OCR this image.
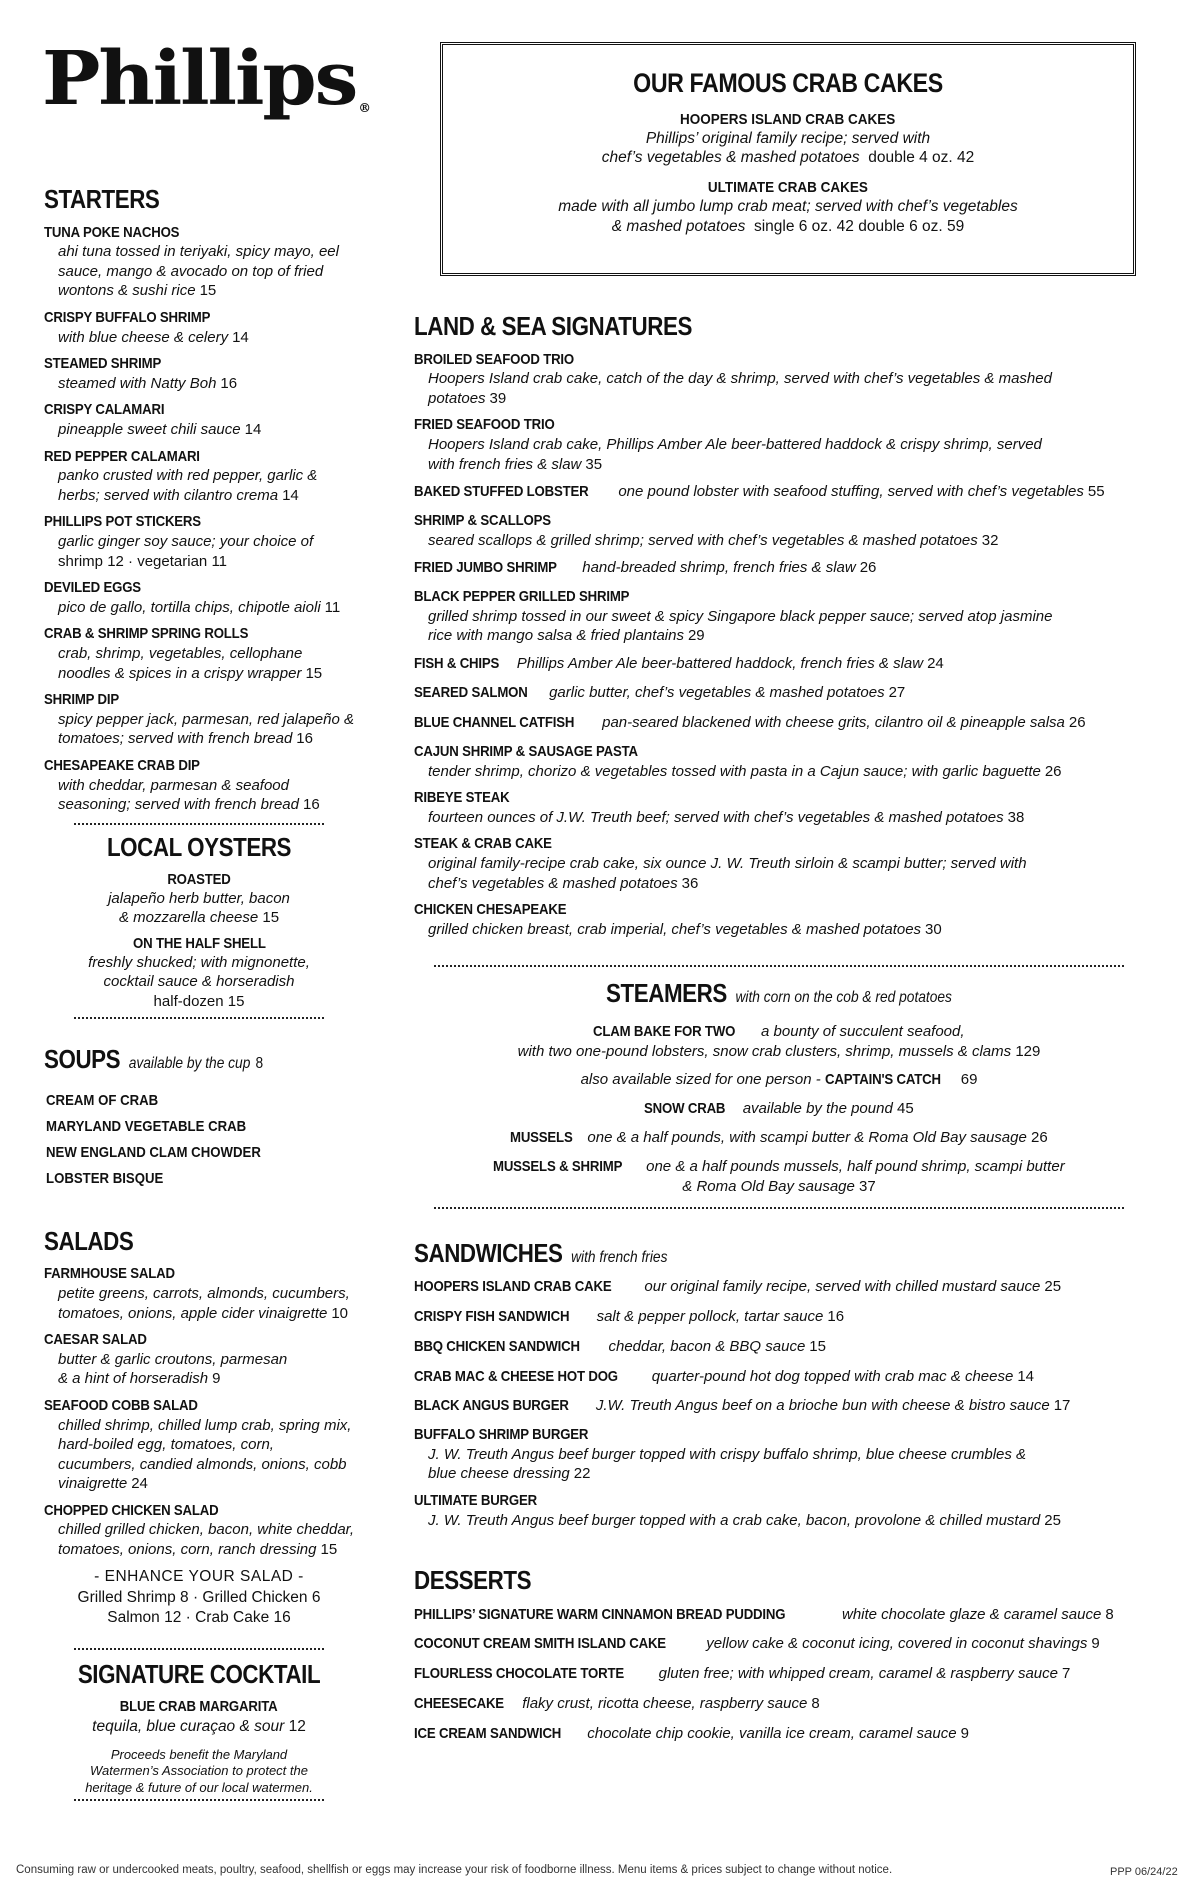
Phillips ®
OUR FAMOUS CRAB CAKES
HOOPERS ISLAND CRAB CAKES
Phillips’ original family recipe; served with
chef’s vegetables & mashed potatoes double 4 oz. 42
ULTIMATE CRAB CAKES
made with all jumbo lump crab meat; served with chef’s vegetables
& mashed potatoes single 6 oz. 42 double 6 oz. 59
STARTERS
TUNA POKE NACHOS
ahi tuna tossed in teriyaki, spicy mayo, eel sauce, mango & avocado on top of fried wontons & sushi rice 15
CRISPY BUFFALO SHRIMP
with blue cheese & celery 14
STEAMED SHRIMP
steamed with Natty Boh 16
CRISPY CALAMARI
pineapple sweet chili sauce 14
RED PEPPER CALAMARI
panko crusted with red pepper, garlic & herbs; served with cilantro crema 14
PHILLIPS POT STICKERS
garlic ginger soy sauce; your choice of
shrimp 12 · vegetarian 11
DEVILED EGGS
pico de gallo, tortilla chips, chipotle aioli 11
CRAB & SHRIMP SPRING ROLLS
crab, shrimp, vegetables, cellophane noodles & spices in a crispy wrapper 15
SHRIMP DIP
spicy pepper jack, parmesan, red jalapeño & tomatoes; served with french bread 16
CHESAPEAKE CRAB DIP
with cheddar, parmesan & seafood seasoning; served with french bread 16
LOCAL OYSTERS
ROASTED
jalapeño herb butter, bacon
& mozzarella cheese 15
ON THE HALF SHELL
freshly shucked; with mignonette,
cocktail sauce & horseradish
half-dozen 15
SOUPS available by the cup 8
CREAM OF CRAB
MARYLAND VEGETABLE CRAB
NEW ENGLAND CLAM CHOWDER
LOBSTER BISQUE
SALADS
FARMHOUSE SALAD
petite greens, carrots, almonds, cucumbers, tomatoes, onions, apple cider vinaigrette 10
CAESAR SALAD
butter & garlic croutons, parmesan & a hint of horseradish 9
SEAFOOD COBB SALAD
chilled shrimp, chilled lump crab, spring mix, hard-boiled egg, tomatoes, corn, cucumbers, candied almonds, onions, cobb vinaigrette 24
CHOPPED CHICKEN SALAD
chilled grilled chicken, bacon, white cheddar, tomatoes, onions, corn, ranch dressing 15
- ENHANCE YOUR SALAD -
Grilled Shrimp 8 · Grilled Chicken 6
Salmon 12 · Crab Cake 16
SIGNATURE COCKTAIL
BLUE CRAB MARGARITA
tequila, blue curaçao & sour 12
Proceeds benefit the Maryland
Watermen’s Association to protect the
heritage & future of our local watermen.
LAND & SEA SIGNATURES
BROILED SEAFOOD TRIO
Hoopers Island crab cake, catch of the day & shrimp, served with chef’s vegetables & mashed potatoes 39
FRIED SEAFOOD TRIO
Hoopers Island crab cake, Phillips Amber Ale beer-battered haddock & crispy shrimp, served with french fries & slaw 35
BAKED STUFFED LOBSTER one pound lobster with seafood stuffing, served with chef’s vegetables 55
SHRIMP & SCALLOPS
seared scallops & grilled shrimp; served with chef’s vegetables & mashed potatoes 32
FRIED JUMBO SHRIMP hand-breaded shrimp, french fries & slaw 26
BLACK PEPPER GRILLED SHRIMP
grilled shrimp tossed in our sweet & spicy Singapore black pepper sauce; served atop jasmine rice with mango salsa & fried plantains 29
FISH & CHIPS Phillips Amber Ale beer-battered haddock, french fries & slaw 24
SEARED SALMON garlic butter, chef’s vegetables & mashed potatoes 27
BLUE CHANNEL CATFISH pan-seared blackened with cheese grits, cilantro oil & pineapple salsa 26
CAJUN SHRIMP & SAUSAGE PASTA
tender shrimp, chorizo & vegetables tossed with pasta in a Cajun sauce; with garlic baguette 26
RIBEYE STEAK
fourteen ounces of J.W. Treuth beef; served with chef’s vegetables & mashed potatoes 38
STEAK & CRAB CAKE
original family-recipe crab cake, six ounce J. W. Treuth sirloin & scampi butter; served with chef’s vegetables & mashed potatoes 36
CHICKEN CHESAPEAKE
grilled chicken breast, crab imperial, chef’s vegetables & mashed potatoes 30
STEAMERS with corn on the cob & red potatoes
CLAM BAKE FOR TWO a bounty of succulent seafood,
with two one-pound lobsters, snow crab clusters, shrimp, mussels & clams 129
also available sized for one person - CAPTAIN'S CATCH 69
SNOW CRAB available by the pound 45
MUSSELS one & a half pounds, with scampi butter & Roma Old Bay sausage 26
MUSSELS & SHRIMP one & a half pounds mussels, half pound shrimp, scampi butter
& Roma Old Bay sausage 37
SANDWICHES with french fries
HOOPERS ISLAND CRAB CAKE our original family recipe, served with chilled mustard sauce 25
CRISPY FISH SANDWICH salt & pepper pollock, tartar sauce 16
BBQ CHICKEN SANDWICH cheddar, bacon & BBQ sauce 15
CRAB MAC & CHEESE HOT DOG quarter-pound hot dog topped with crab mac & cheese 14
BLACK ANGUS BURGER J.W. Treuth Angus beef on a brioche bun with cheese & bistro sauce 17
BUFFALO SHRIMP BURGER
J. W. Treuth Angus beef burger topped with crispy buffalo shrimp, blue cheese crumbles & blue cheese dressing 22
ULTIMATE BURGER
J. W. Treuth Angus beef burger topped with a crab cake, bacon, provolone & chilled mustard 25
DESSERTS
PHILLIPS’ SIGNATURE WARM CINNAMON BREAD PUDDING	white chocolate glaze & caramel sauce 8
COCONUT CREAM SMITH ISLAND CAKE	yellow cake & coconut icing, covered in coconut shavings 9
FLOURLESS CHOCOLATE TORTE gluten free; with whipped cream, caramel & raspberry sauce 7
CHEESECAKE flaky crust, ricotta cheese, raspberry sauce 8
ICE CREAM SANDWICH chocolate chip cookie, vanilla ice cream, caramel sauce 9
Consuming raw or undercooked meats, poultry, seafood, shellfish or eggs may increase your risk of foodborne illness. Menu items & prices subject to change without notice.	PPP 06/24/22
